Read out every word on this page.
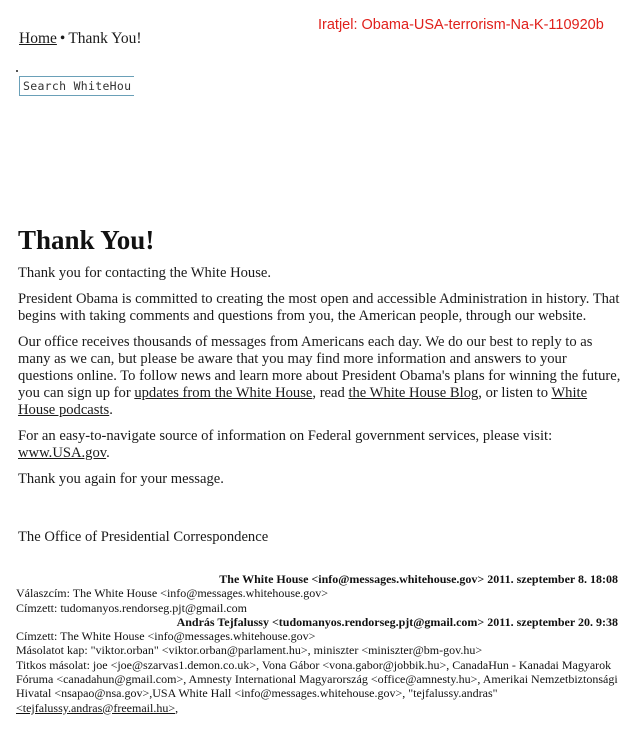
Iratjel: Obama-USA-terrorism-Na-K-110920b
Home • Thank You!
Search WhiteHou
Thank You!

Thank you for contacting the White House.

President Obama is committed to creating the most open and accessible Administration in history. That begins with taking comments and questions from you, the American people, through our website.

Our office receives thousands of messages from Americans each day. We do our best to reply to as many as we can, but please be aware that you may find more information and answers to your questions online. To follow news and learn more about President Obama's plans for winning the future, you can sign up for updates from the White House, read the White House Blog, or listen to White House podcasts.

For an easy-to-navigate source of information on Federal government services, please visit: www.USA.gov.

Thank you again for your message.

The Office of Presidential Correspondence
The White House <info@messages.whitehouse.gov> 2011. szeptember 8. 18:08
Válaszcím: The White House <info@messages.whitehouse.gov>
Címzett: tudomanyos.rendorseg.pjt@gmail.com
András Tejfalussy <tudomanyos.rendorseg.pjt@gmail.com> 2011. szeptember 20. 9:38
Címzett: The White House <info@messages.whitehouse.gov>
Másolatot kap: "viktor.orban" <viktor.orban@parlament.hu>, miniszter <miniszter@bm-gov.hu>
Titkos másolat: joe <joe@szarvas1.demon.co.uk>, Vona Gábor <vona.gabor@jobbik.hu>, CanadaHun - Kanadai Magyarok Fóruma <canadahun@gmail.com>, Amnesty International Magyarország <office@amnesty.hu>, Amerikai Nemzetbiztonsági Hivatal <nsapao@nsa.gov>,USA White Hall <info@messages.whitehouse.gov>, "tejfalussy.andras" <tejfalussy.andras@freemail.hu>,
